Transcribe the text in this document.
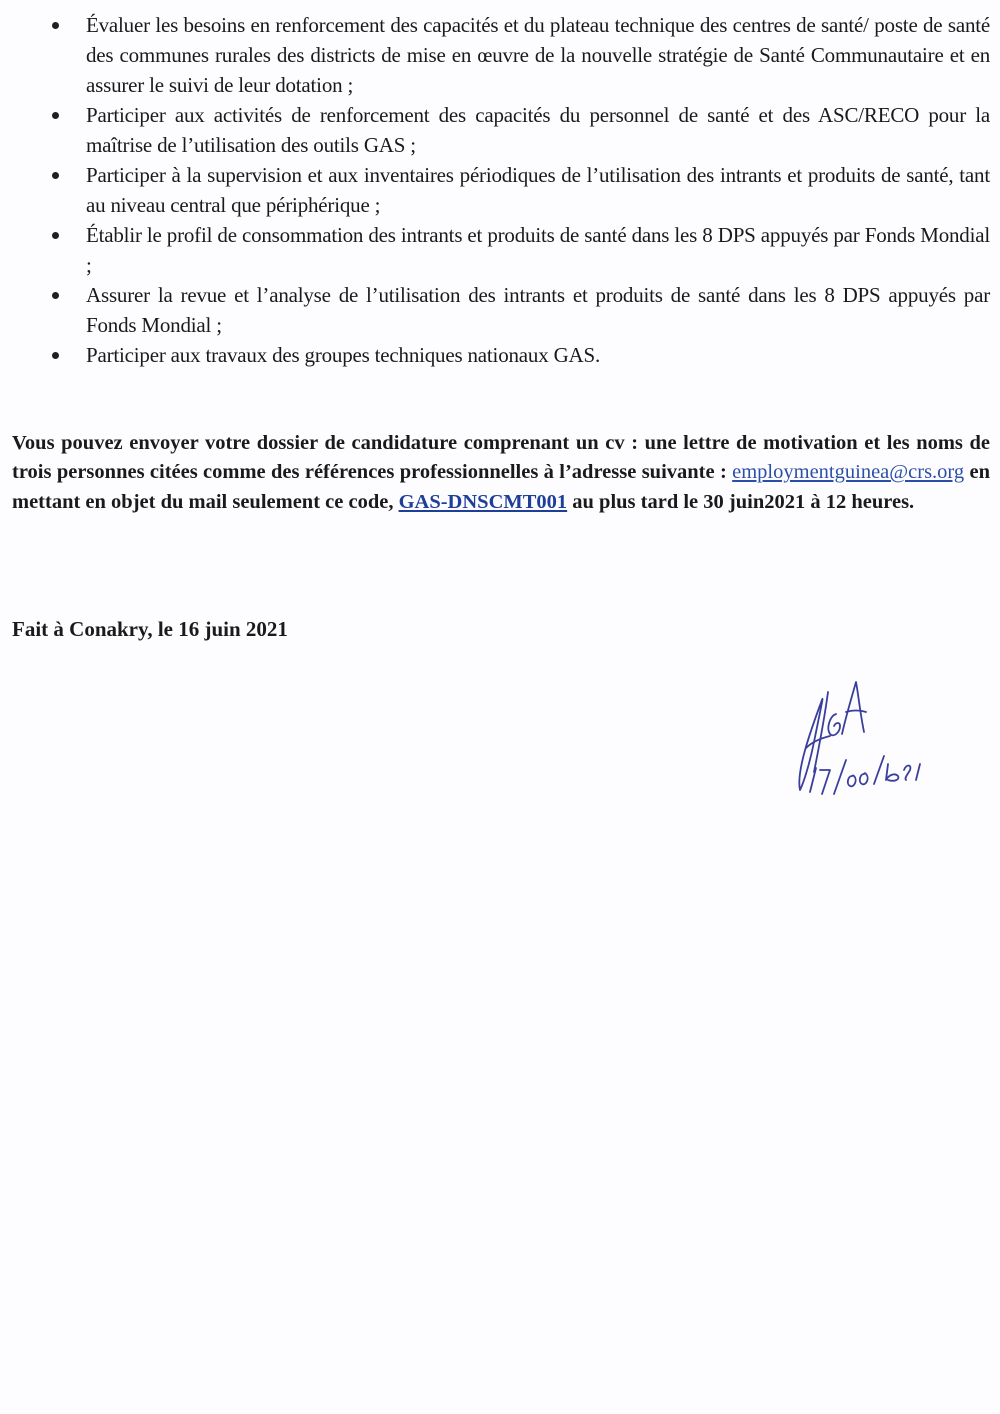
Évaluer les besoins en renforcement des capacités et du plateau technique des centres de santé/ poste de santé des communes rurales des districts de mise en œuvre de la nouvelle stratégie de Santé Communautaire et en assurer le suivi de leur dotation ;
Participer aux activités de renforcement des capacités du personnel de santé et des ASC/RECO pour la maîtrise de l’utilisation des outils GAS ;
Participer à la supervision et aux inventaires périodiques de l’utilisation des intrants et produits de santé, tant au niveau central que périphérique ;
Établir le profil de consommation des intrants et produits de santé dans les 8 DPS appuyés par Fonds Mondial ;
Assurer la revue et l’analyse de l’utilisation des intrants et produits de santé dans les 8 DPS appuyés par Fonds Mondial ;
Participer aux travaux des groupes techniques nationaux GAS.

Vous pouvez envoyer votre dossier de candidature comprenant un cv : une lettre de motivation et les noms de trois personnes citées comme des références professionnelles à l’adresse suivante : employmentguinea@crs.org en mettant en objet du mail seulement ce code, GAS-DNSCMT001 au plus tard le 30 juin2021 à 12 heures.

Fait à Conakry, le 16 juin 2021
